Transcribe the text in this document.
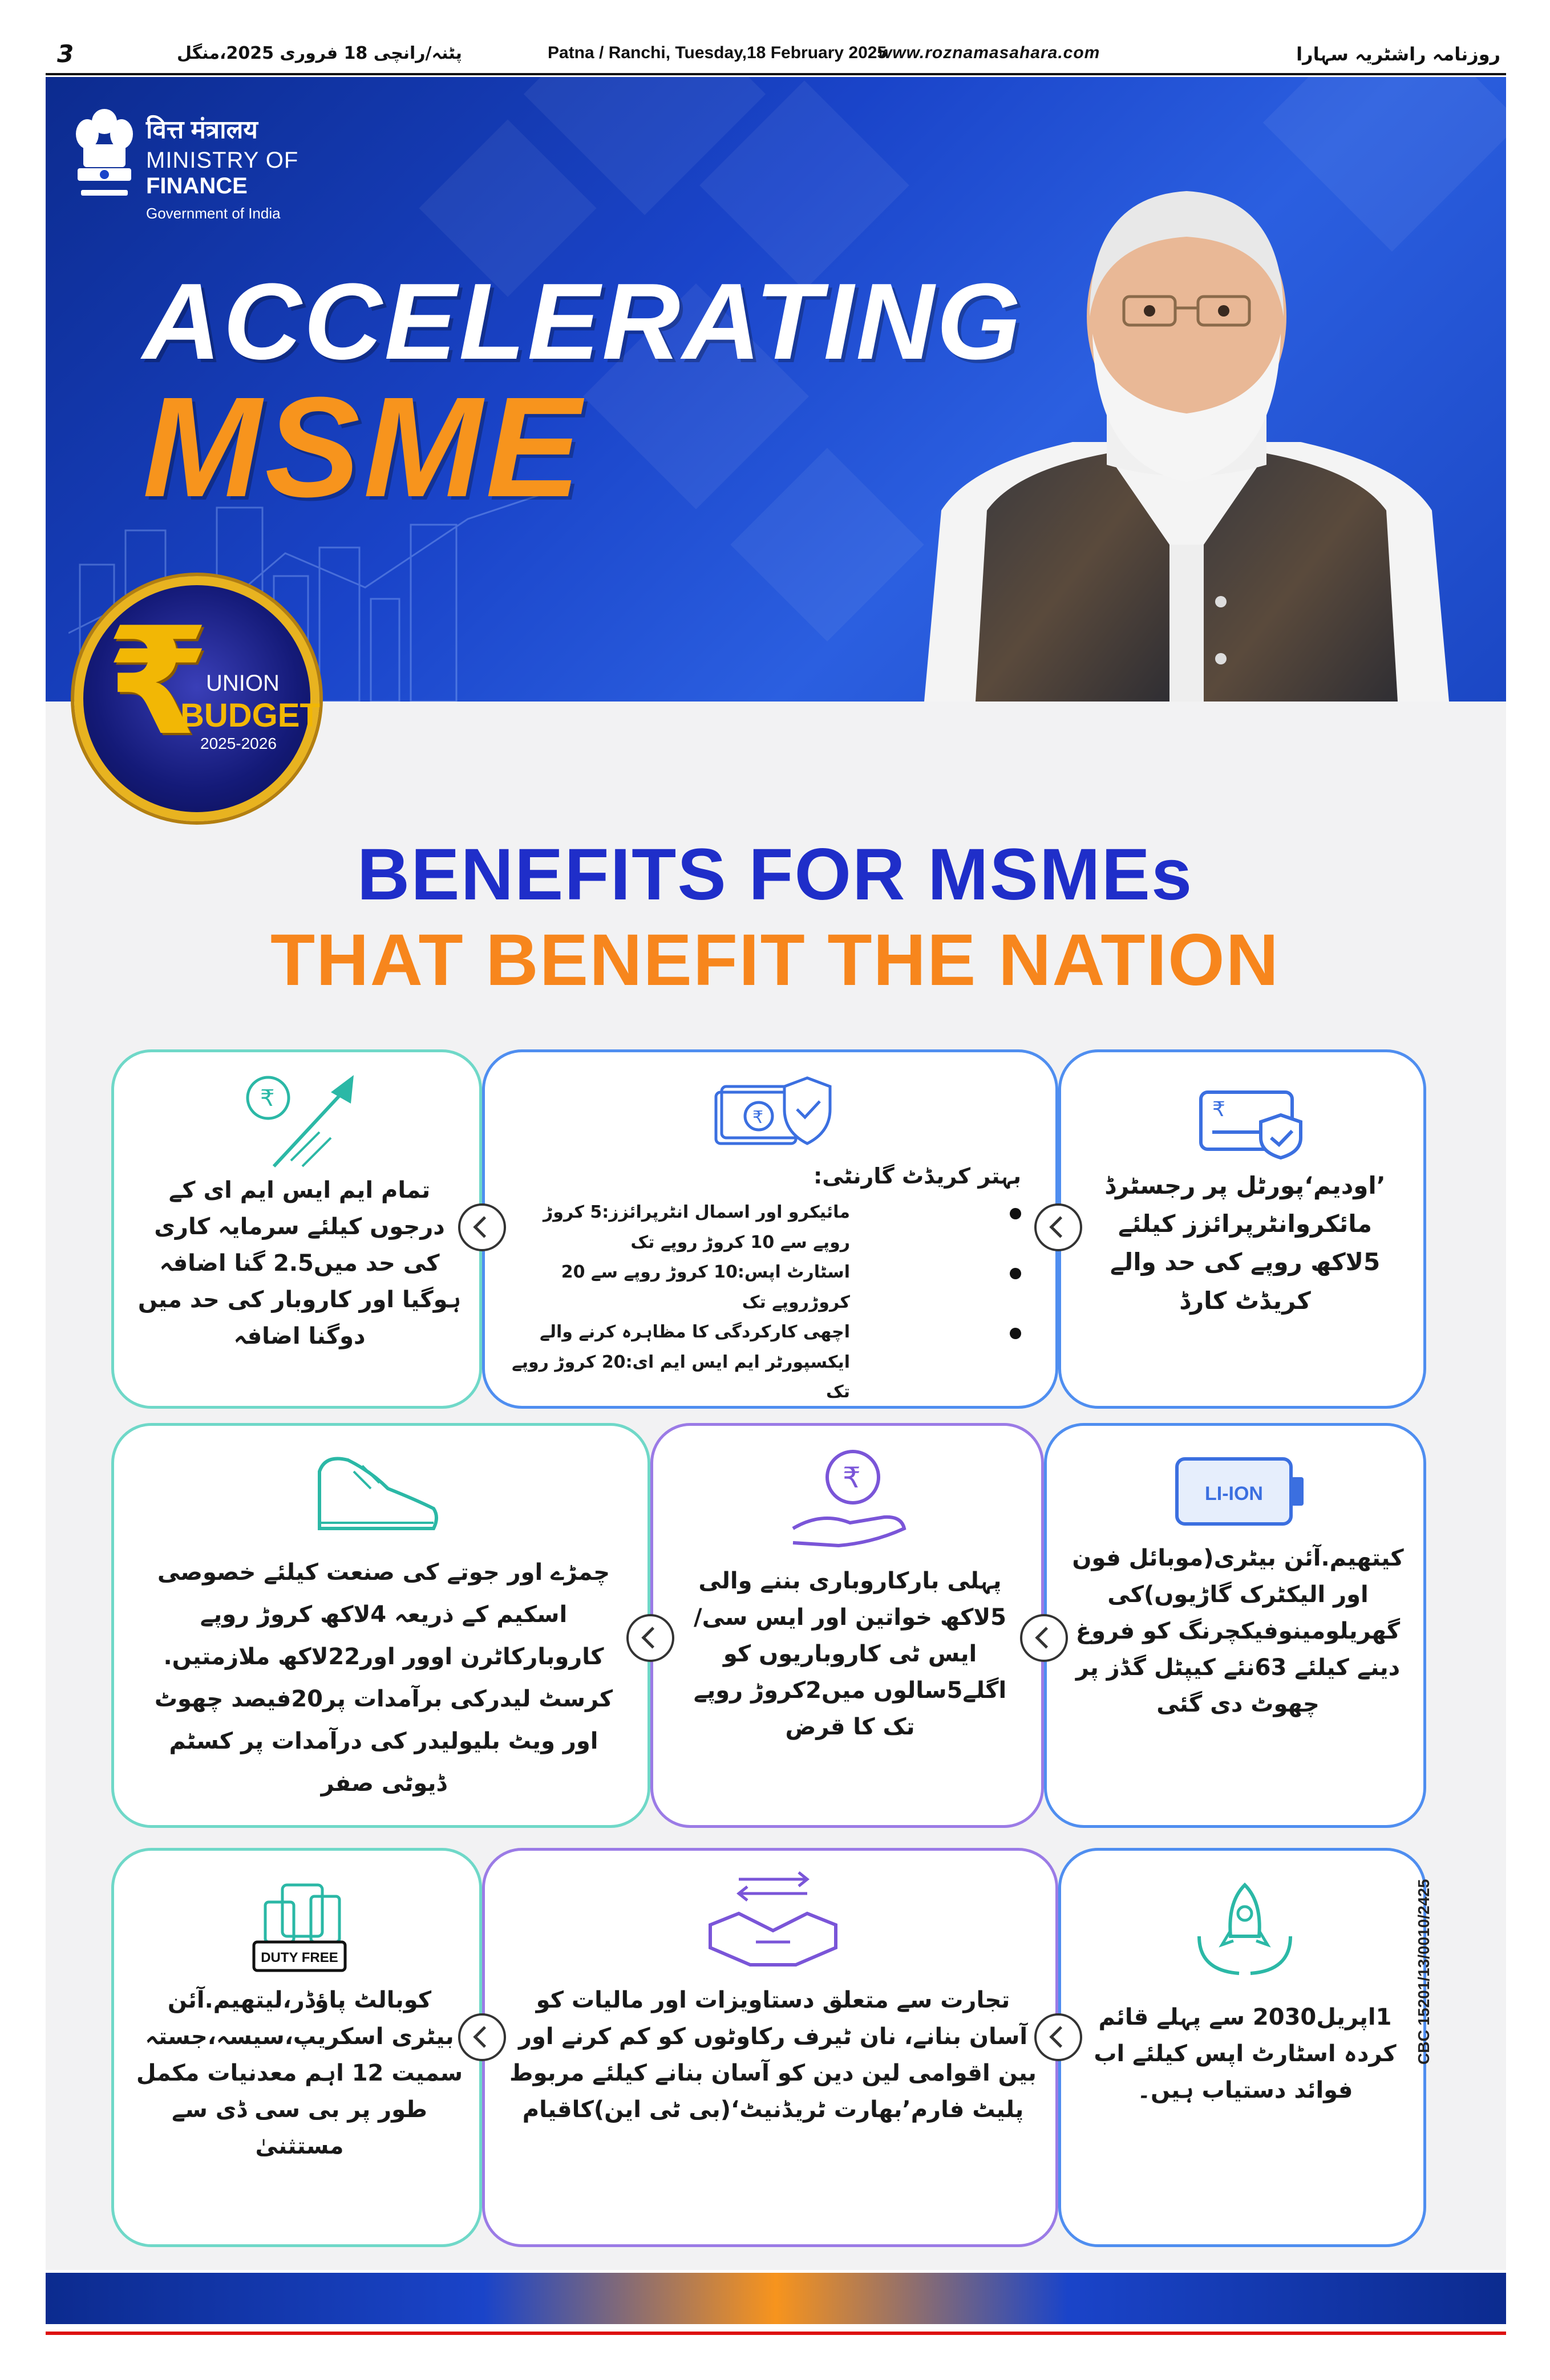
3	پٹنہ/رانچی 18 فروری 2025،منگل	Patna / Ranchi, Tuesday,18 February 2025
www.roznamasahara.com	روزنامہ راشٹریہ سہارا
वित्त मंत्रालय
MINISTRY OF
FINANCE
Government of India
ACCELERATING
MSME
₹
UNION
BUDGET
2025-2026
BENEFITS FOR MSMEs
THAT BENEFIT THE NATION
₹
’اودیم‘پورٹل پر رجسٹرڈ مائکروانٹرپرائزز کیلئے 5لاکھ روپے کی حد والے کریڈٹ کارڈ
₹
بہتر کریڈٹ گارنٹی:
مائیکرو اور اسمال انٹرپرائزز:5 کروڑ روپے سے 10 کروڑ روپے تک
اسٹارٹ اپس:10 کروڑ روپے سے 20 کروڑروپے تک
اچھی کارکردگی کا مظاہرہ کرنے والے ایکسپورٹر ایم ایس ایم ای:20 کروڑ روپے تک
₹
تمام ایم ایس ایم ای کے درجوں کیلئے سرمایہ کاری کی حد میں2.5 گنا اضافہ ہوگیا اور کاروبار کی حد میں دوگنا اضافہ
LI-ION
کیتھیم.آئن بیٹری(موبائل فون اور الیکٹرک گاڑیوں)کی گھریلومینوفیکچرنگ کو فروغ دینے کیلئے 63نئے کیپٹل گڈز پر چھوٹ دی گئی
₹
پہلی بارکاروباری بننے والی 5لاکھ خواتین اور ایس سی/ ایس ٹی کاروباریوں کو اگلے5سالوں میں2کروڑ روپے تک کا قرض
چمڑے اور جوتے کی صنعت کیلئے خصوصی اسکیم کے ذریعہ 4لاکھ کروڑ روپے کاروبارکاٹرن اوور اور22لاکھ ملازمتیں. کرسٹ لیدرکی برآمدات پر20فیصد چھوٹ اور ویٹ بلیولیدر کی درآمدات پر کسٹم ڈیوٹی صفر
1اپریل2030 سے پہلے قائم کردہ اسٹارٹ اپس کیلئے اب فوائد دستیاب ہیں۔
تجارت سے متعلق دستاویزات اور مالیات کو آسان بنانے، نان ٹیرف رکاوٹوں کو کم کرنے اور بین اقوامی لین دین کو آسان بنانے کیلئے مربوط پلیٹ فارم’بھارت ٹریڈنیٹ‘(بی ٹی این)کاقیام
DUTY FREE
کوبالٹ پاؤڈر،لیتھیم.آئن بیٹری اسکریپ،سیسہ،جستہ سمیت 12 اہم معدنیات مکمل طور پر بی سی ڈی سے مستثنیٰ
CBC 15201/13/0010/2425
